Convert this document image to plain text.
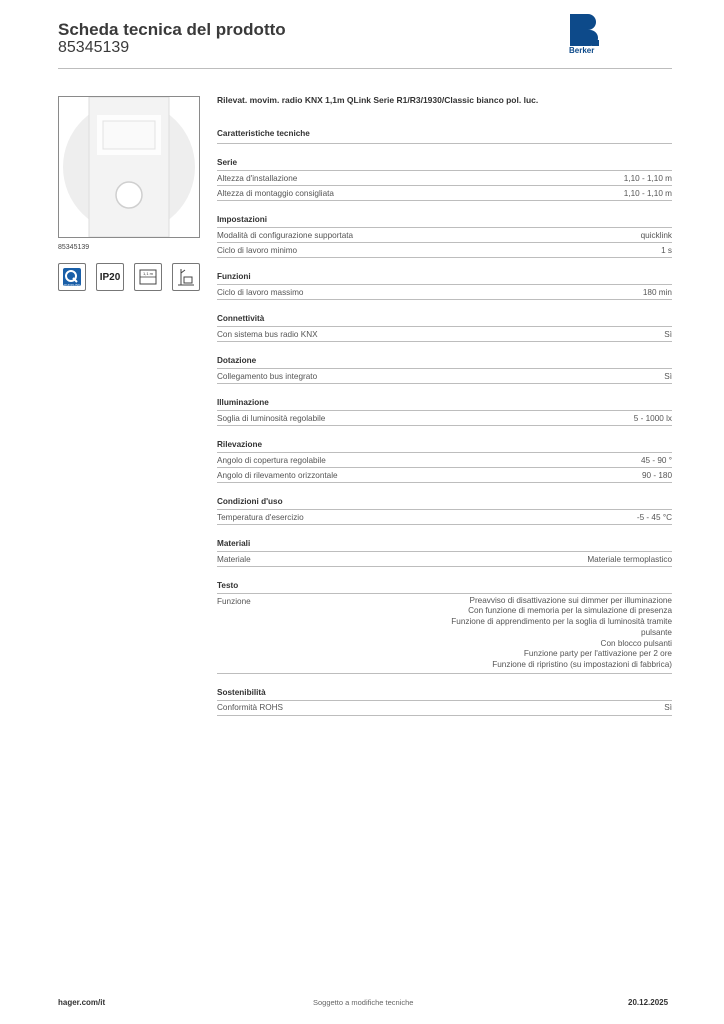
Scheda tecnica del prodotto
85345139	Berker
85345139
QUICKLINK
IP20	1,1 m

Rilevat. movim. radio KNX 1,1m QLink Serie R1/R3/1930/Classic bianco pol. luc.

Caratteristiche tecniche
Serie
Altezza d'installazione	1,10 - 1,10 m
Altezza di montaggio consigliata	1,10 - 1,10 m
Impostazioni
Modalità di configurazione supportata	quicklink
Ciclo di lavoro minimo	1 s
Funzioni
Ciclo di lavoro massimo	180 min
Connettività
Con sistema bus radio KNX	Sì
Dotazione
Collegamento bus integrato	Sì
Illuminazione
Soglia di luminosità regolabile	5 - 1000 lx
Rilevazione
Angolo di copertura regolabile	45 - 90 °
Angolo di rilevamento orizzontale	90 - 180
Condizioni d'uso
Temperatura d'esercizio	-5 - 45 °C
Materiali
Materiale	Materiale termoplastico
Testo
Funzione	Preavviso di disattivazione sui dimmer per illuminazione
Con funzione di memoria per la simulazione di presenza
Funzione di apprendimento per la soglia di luminosità tramite
pulsante
Con blocco pulsanti
Funzione party per l'attivazione per 2 ore
Funzione di ripristino (su impostazioni di fabbrica)
Sostenibilità
Conformità ROHS	Sì
hager.com/it	Soggetto a modifiche tecniche	20.12.2025
